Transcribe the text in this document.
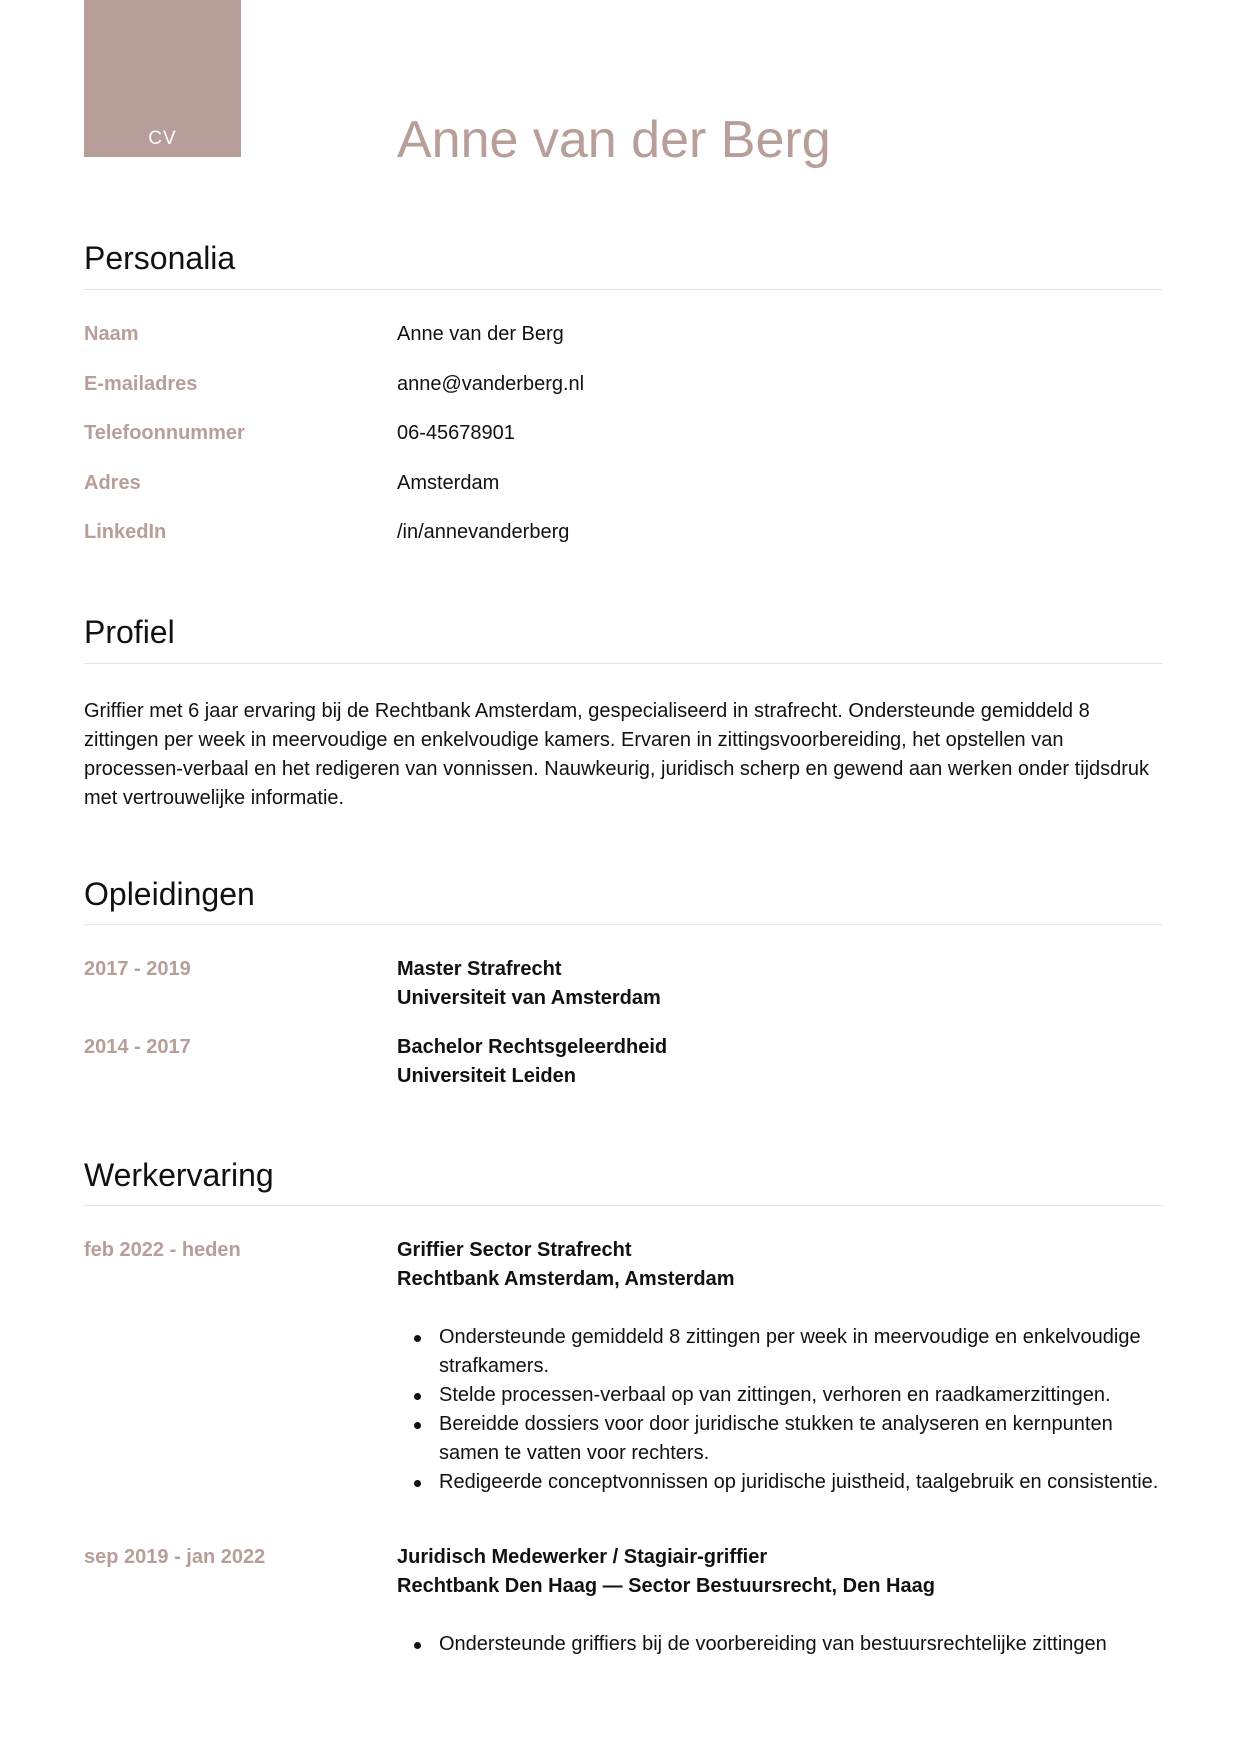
CV	Anne van der Berg
Personalia
Naam	Anne van der Berg
E-mailadres	anne@vanderberg.nl
Telefoonnummer	06-45678901
Adres	Amsterdam
LinkedIn	/in/annevanderberg
Profiel

Griffier met 6 jaar ervaring bij de Rechtbank Amsterdam, gespecialiseerd in strafrecht. Ondersteunde gemiddeld 8 zittingen per week in meervoudige en enkelvoudige kamers. Ervaren in zittingsvoorbereiding, het opstellen van processen-verbaal en het redigeren van vonnissen. Nauwkeurig, juridisch scherp en gewend aan werken onder tijdsdruk met vertrouwelijke informatie.

Opleidingen
2017 - 2019	Master Strafrecht
Universiteit van Amsterdam
2014 - 2017	Bachelor Rechtsgeleerdheid
Universiteit Leiden
Werkervaring
feb 2022 - heden	Griffier Sector Strafrecht
Rechtbank Amsterdam, Amsterdam
Ondersteunde gemiddeld 8 zittingen per week in meervoudige en enkelvoudige strafkamers.
Stelde processen-verbaal op van zittingen, verhoren en raadkamerzittingen.
Bereidde dossiers voor door juridische stukken te analyseren en kernpunten samen te vatten voor rechters.
Redigeerde conceptvonnissen op juridische juistheid, taalgebruik en consistentie.
sep 2019 - jan 2022	Juridisch Medewerker / Stagiair-griffier
Rechtbank Den Haag — Sector Bestuursrecht, Den Haag
Ondersteunde griffiers bij de voorbereiding van bestuursrechtelijke zittingen
